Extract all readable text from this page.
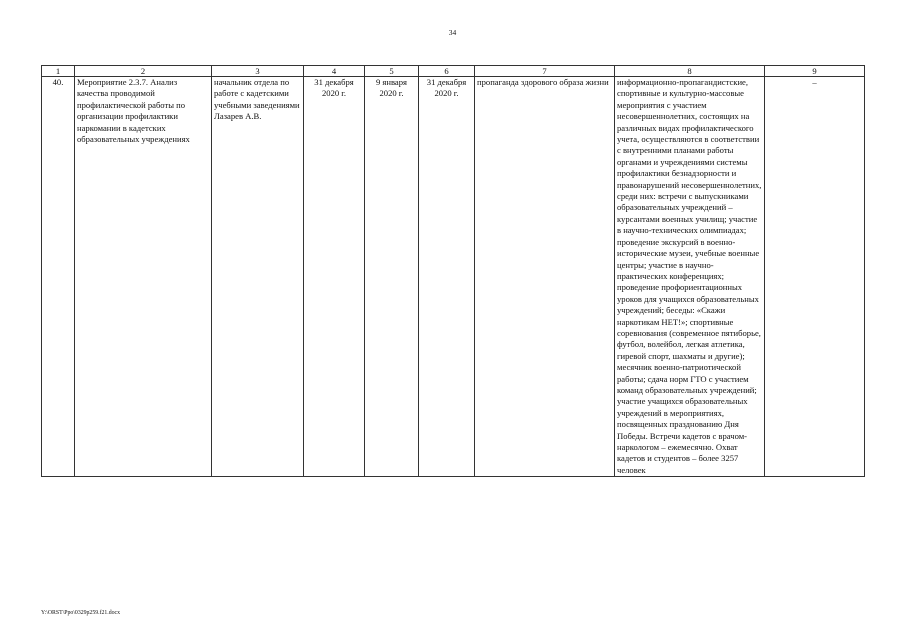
34
1	2	3	4	5	6	7	8	9
40.	Мероприятие 2.3.7. Анализ качества проводимой профилактической работы по организации профилактики наркомании в кадетских образовательных учреждениях	начальник отдела по работе с кадетскими учебными заведениями Лазарев А.В.	31 декабря 2020 г.	9 января 2020 г.	31 декабря 2020 г.	пропаганда здорового образа жизни	информационно-пропагандистские, спортивные и культурно-массовые мероприятия с участием несовершеннолетних, состоящих на различных видах профилактического учета, осуществляются в соответствии с внутренними планами работы органами и учреждениями системы профилактики безнадзорности и правонарушений несовершеннолетних, среди них: встречи с выпускниками образовательных учреждений – курсантами военных училищ; участие в научно-технических олимпиадах; проведение экскурсий в военно-исторические музеи, учебные военные центры; участие в научно-практических конференциях; проведение профориентационных уроков для учащихся образовательных учреждений; беседы: «Скажи наркотикам НЕТ!»; спортивные соревнования (современное пятиборье, футбол, волейбол, легкая атлетика, гиревой спорт, шахматы и другие); месячник военно-патриотической работы; сдача норм ГТО с участием команд образовательных учреждений; участие учащихся образовательных учреждений в мероприятиях, посвященных празднованию Дня Победы. Встречи кадетов с врачом-наркологом – ежемесячно. Охват кадетов и студентов – более 3257 человек	–
Y:\ORST\Ppo\0329p259.f21.docx
